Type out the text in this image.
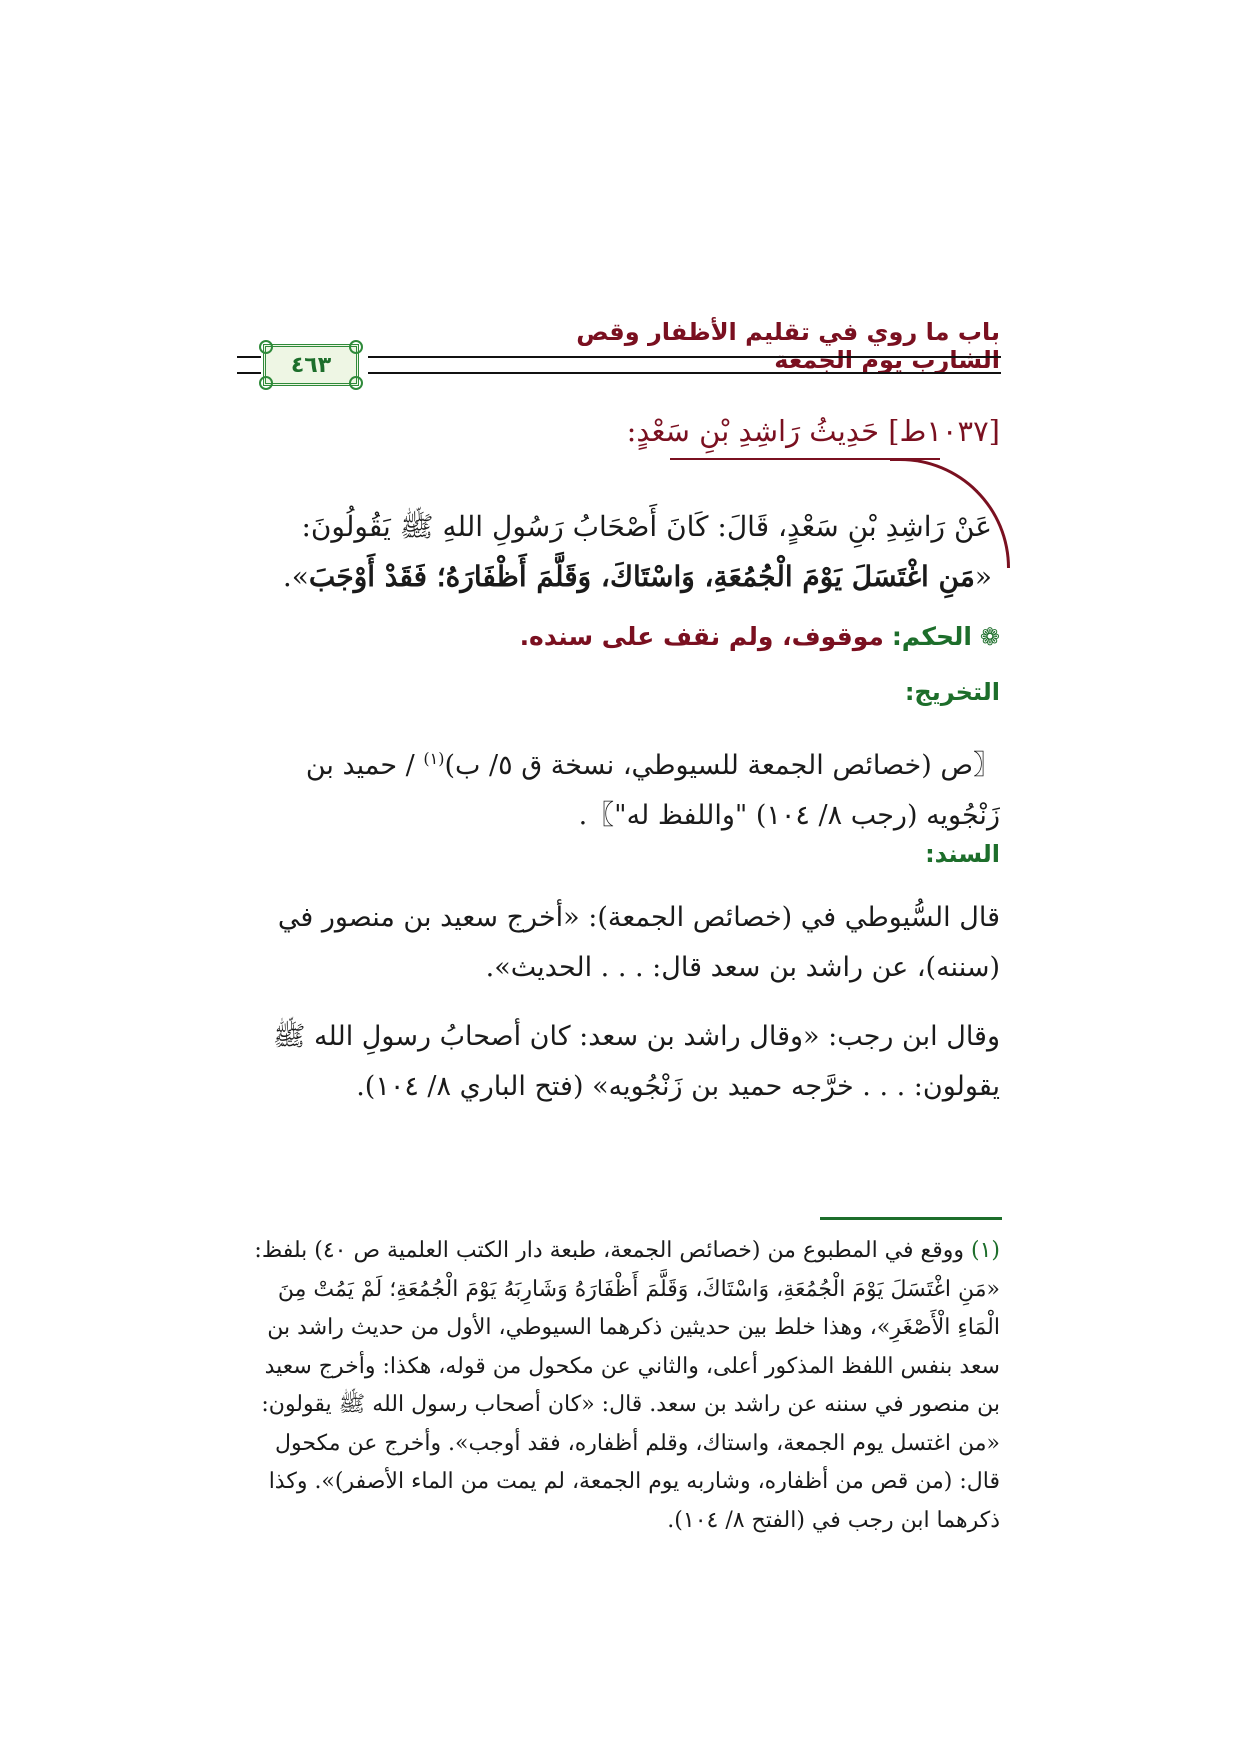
باب ما روي في تقليم الأظفار وقص الشارب يوم الجمعة
٤٦٣
[١٠٣٧ط] حَدِيثُ رَاشِدِ بْنِ سَعْدٍ:
عَنْ رَاشِدِ بْنِ سَعْدٍ، قَالَ: كَانَ أَصْحَابُ رَسُولِ اللهِ ﷺ يَقُولُونَ: «مَنِ اغْتَسَلَ يَوْمَ الْجُمُعَةِ، وَاسْتَاكَ، وَقَلَّمَ أَظْفَارَهُ؛ فَقَدْ أَوْجَبَ».
❁ الحكم: موقوف، ولم نقف على سنده.
التخريج:
〖ص (خصائص الجمعة للسيوطي، نسخة ق ٥/ ب)$^{(١)}$ / حميد بن زَنْجُويه (رجب ٨/ ١٠٤) "واللفظ له"〗.
السند:
قال السُّيوطي في (خصائص الجمعة): «أخرج سعيد بن منصور في (سننه)، عن راشد بن سعد قال: . . . الحديث».
وقال ابن رجب: «وقال راشد بن سعد: كان أصحابُ رسولِ الله ﷺ يقولون: . . . خرَّجه حميد بن زَنْجُويه» (فتح الباري ٨/ ١٠٤).
(١) ووقع في المطبوع من (خصائص الجمعة، طبعة دار الكتب العلمية ص ٤٠) بلفظ: «مَنِ اغْتَسَلَ يَوْمَ الْجُمُعَةِ، وَاسْتَاكَ، وَقَلَّمَ أَظْفَارَهُ وَشَارِبَهُ يَوْمَ الْجُمُعَةِ؛ لَمْ يَمُتْ مِنَ الْمَاءِ الْأَصْغَرِ»، وهذا خلط بين حديثين ذكرهما السيوطي، الأول من حديث راشد بن سعد بنفس اللفظ المذكور أعلى، والثاني عن مكحول من قوله، هكذا: وأخرج سعيد بن منصور في سننه عن راشد بن سعد. قال: «كان أصحاب رسول الله ﷺ يقولون: «من اغتسل يوم الجمعة، واستاك، وقلم أظفاره، فقد أوجب». وأخرج عن مكحول قال: (من قص من أظفاره، وشاربه يوم الجمعة، لم يمت من الماء الأصفر)». وكذا ذكرهما ابن رجب في (الفتح ٨/ ١٠٤).
